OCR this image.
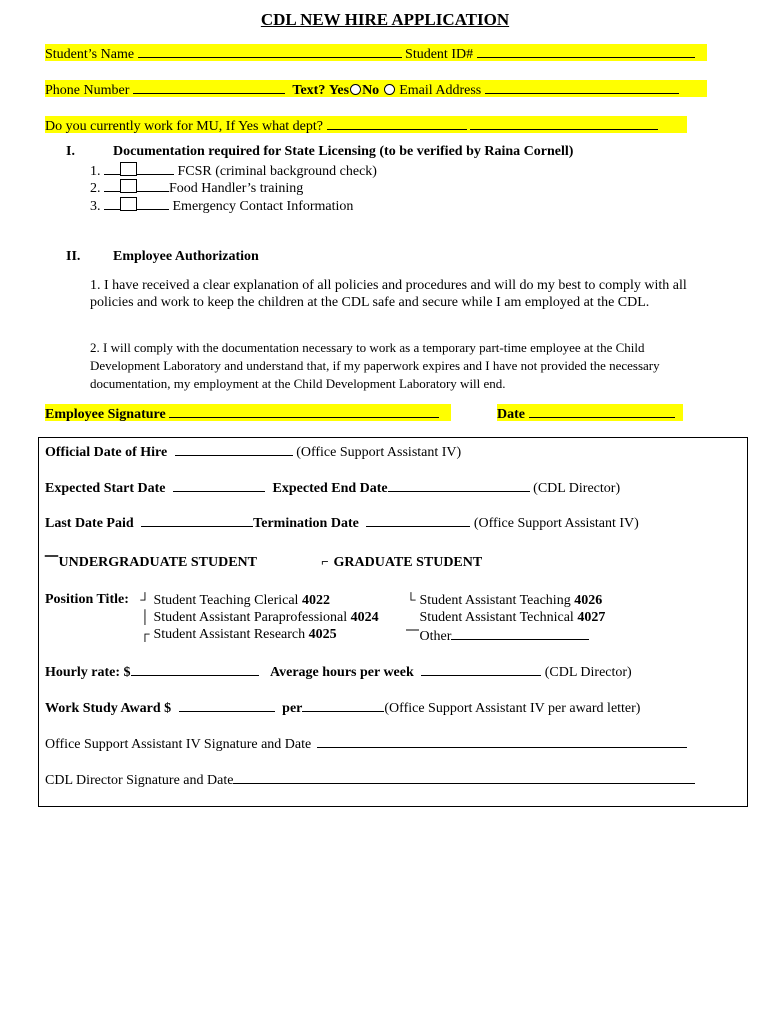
CDL NEW HIRE APPLICATION
Student’s Name	Student ID#
Phone Number	Text? Yes No Email Address
Do you currently work for MU, If Yes what dept?
I.	Documentation required for State Licensing (to be verified by Raina Cornell)
1.	FCSR (criminal background check)
2.	Food Handler’s training
3.	Emergency Contact Information
II. Employee Authorization
1. I have received a clear explanation of all policies and procedures and will do my best to comply with all policies and work to keep the children at the CDL safe and secure while I am employed at the CDL.
2. I will comply with the documentation necessary to work as a temporary part-time employee at the Child Development Laboratory and understand that, if my paperwork expires and I have not provided the necessary documentation, my employment at the Child Development Laboratory will end.
Employee Signature	Date
Official Date of Hire	(Office Support Assistant IV)
Expected Start Date	Expected End Date	(CDL Director)
Last Date Paid	Termination Date	(Office Support Assistant IV)
⎺ UNDERGRADUATE STUDENT	⌐ GRADUATE STUDENT
Position Title: ┘ Student Teaching Clerical 4022
│ Student Assistant Paraprofessional 4024
┌ Student Assistant Research 4025
└ Student Assistant Teaching 4026
Student Assistant Technical 4027
⎺ Other
Hourly rate: $	Average hours per week	(CDL Director)
Work Study Award $	per	(Office Support Assistant IV per award letter)
Office Support Assistant IV Signature and Date
CDL Director Signature and Date
